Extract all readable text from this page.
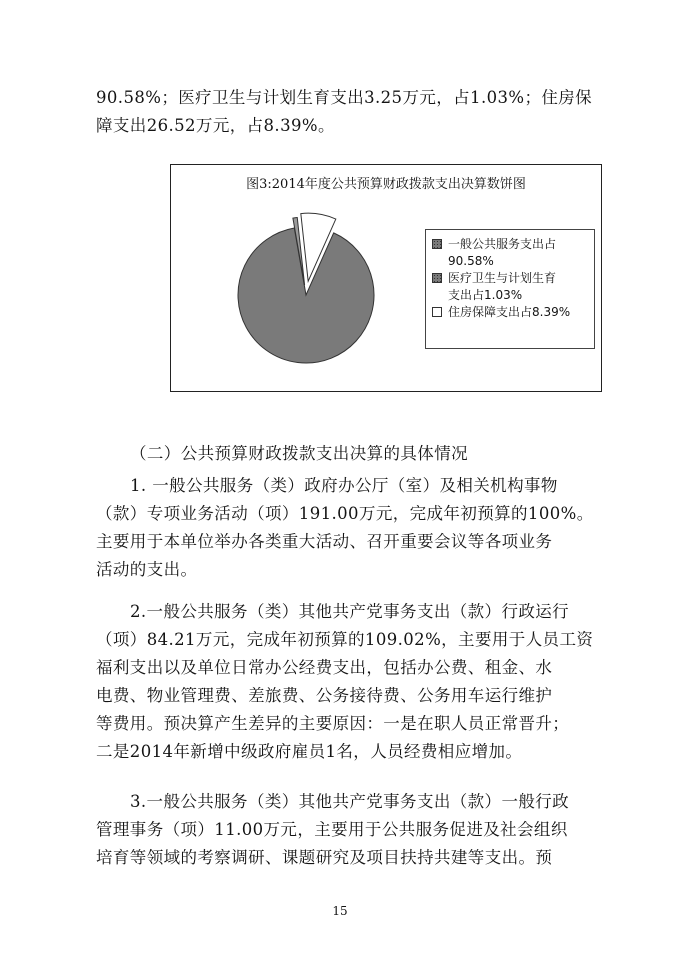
90.58%；医疗卫生与计划生育支出3.25万元，占1.03%；住房保
障支出26.52万元，占8.39%。
图3:2014年度公共预算财政拨款支出决算数饼图
一般公共服务支出占
90.58%
医疗卫生与计划生育
支出占1.03%
住房保障支出占8.39%
（二）公共预算财政拨款支出决算的具体情况
1. 一般公共服务（类）政府办公厅（室）及相关机构事物
（款）专项业务活动（项）191.00万元，完成年初预算的100%。
主要用于本单位举办各类重大活动、召开重要会议等各项业务
活动的支出。
2.一般公共服务（类）其他共产党事务支出（款）行政运行
（项）84.21万元，完成年初预算的109.02%，主要用于人员工资
福利支出以及单位日常办公经费支出，包括办公费、租金、水
电费、物业管理费、差旅费、公务接待费、公务用车运行维护
等费用。预决算产生差异的主要原因：一是在职人员正常晋升；
二是2014年新增中级政府雇员1名，人员经费相应增加。
3.一般公共服务（类）其他共产党事务支出（款）一般行政
管理事务（项）11.00万元，主要用于公共服务促进及社会组织
培育等领域的考察调研、课题研究及项目扶持共建等支出。预
15
